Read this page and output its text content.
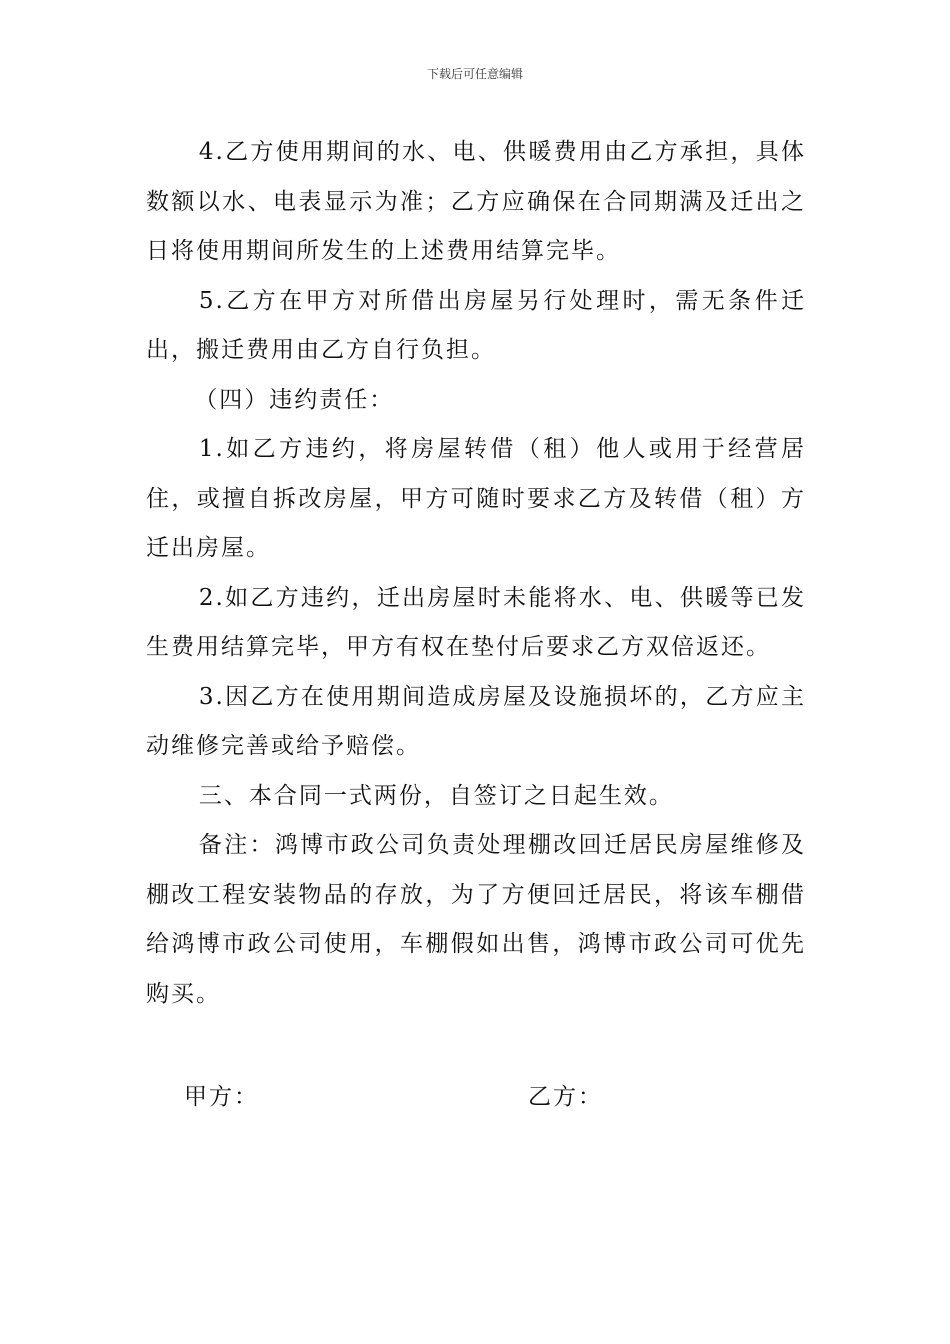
下载后可任意编辑

4.乙方使用期间的水、电、供暖费用由乙方承担，具体数额以水、电表显示为准；乙方应确保在合同期满及迁出之日将使用期间所发生的上述费用结算完毕。

5.乙方在甲方对所借出房屋另行处理时，需无条件迁出，搬迁费用由乙方自行负担。

（四）违约责任：

1.如乙方违约，将房屋转借（租）他人或用于经营居住，或擅自拆改房屋，甲方可随时要求乙方及转借（租）方迁出房屋。

2.如乙方违约，迁出房屋时未能将水、电、供暖等已发生费用结算完毕，甲方有权在垫付后要求乙方双倍返还。

3.因乙方在使用期间造成房屋及设施损坏的，乙方应主动维修完善或给予赔偿。

三、本合同一式两份，自签订之日起生效。

备注：鸿博市政公司负责处理棚改回迁居民房屋维修及棚改工程安装物品的存放，为了方便回迁居民，将该车棚借给鸿博市政公司使用，车棚假如出售，鸿博市政公司可优先购买。

甲方：	乙方：
